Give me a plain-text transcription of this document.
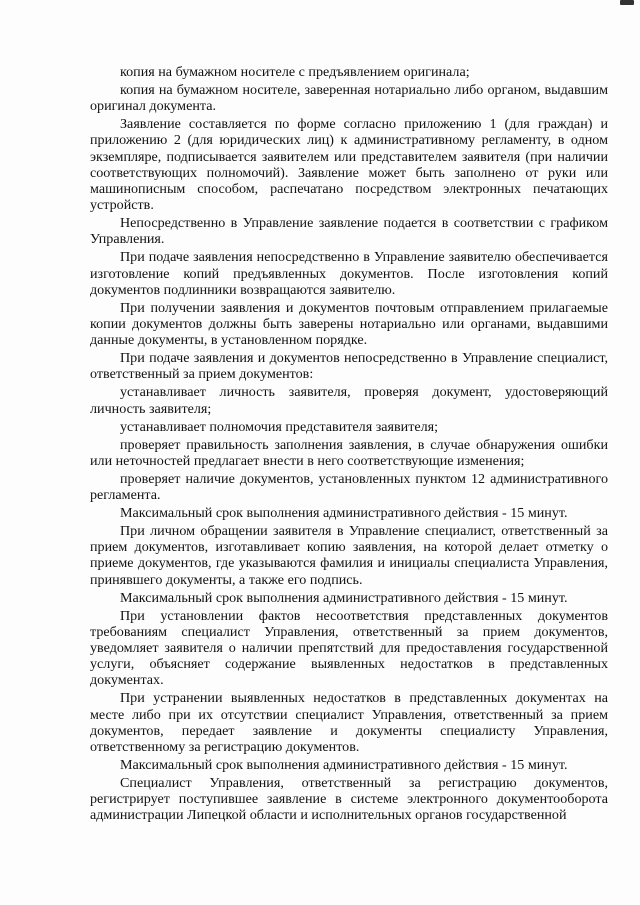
копия на бумажном носителе с предъявлением оригинала;

копия на бумажном носителе, заверенная нотариально либо органом, выдавшим оригинал документа.

Заявление составляется по форме согласно приложению 1 (для граждан) и приложению 2 (для юридических лиц) к административному регламенту, в одном экземпляре, подписывается заявителем или представителем заявителя (при наличии соответствующих полномочий). Заявление может быть заполнено от руки или машинописным способом, распечатано посредством электронных печатающих устройств.

Непосредственно в Управление заявление подается в соответствии с графиком Управления.

При подаче заявления непосредственно в Управление заявителю обеспечивается изготовление копий предъявленных документов. После изготовления копий документов подлинники возвращаются заявителю.

При получении заявления и документов почтовым отправлением прилагаемые копии документов должны быть заверены нотариально или органами, выдавшими данные документы, в установленном порядке.

При подаче заявления и документов непосредственно в Управление специалист, ответственный за прием документов:

устанавливает личность заявителя, проверяя документ, удостоверяющий личность заявителя;

устанавливает полномочия представителя заявителя;

проверяет правильность заполнения заявления, в случае обнаружения ошибки или неточностей предлагает внести в него соответствующие изменения;

проверяет наличие документов, установленных пунктом 12 административного регламента.

Максимальный срок выполнения административного действия - 15 минут.

При личном обращении заявителя в Управление специалист, ответственный за прием документов, изготавливает копию заявления, на которой делает отметку о приеме документов, где указываются фамилия и инициалы специалиста Управления, принявшего документы, а также его подпись.

Максимальный срок выполнения административного действия - 15 минут.

При установлении фактов несоответствия представленных документов требованиям специалист Управления, ответственный за прием документов, уведомляет заявителя о наличии препятствий для предоставления государственной услуги, объясняет содержание выявленных недостатков в представленных документах.

При устранении выявленных недостатков в представленных документах на месте либо при их отсутствии специалист Управления, ответственный за прием документов, передает заявление и документы специалисту Управления, ответственному за регистрацию документов.

Максимальный срок выполнения административного действия - 15 минут.

Специалист Управления, ответственный за регистрацию документов, регистрирует поступившее заявление в системе электронного документооборота администрации Липецкой области и исполнительных органов государственной
